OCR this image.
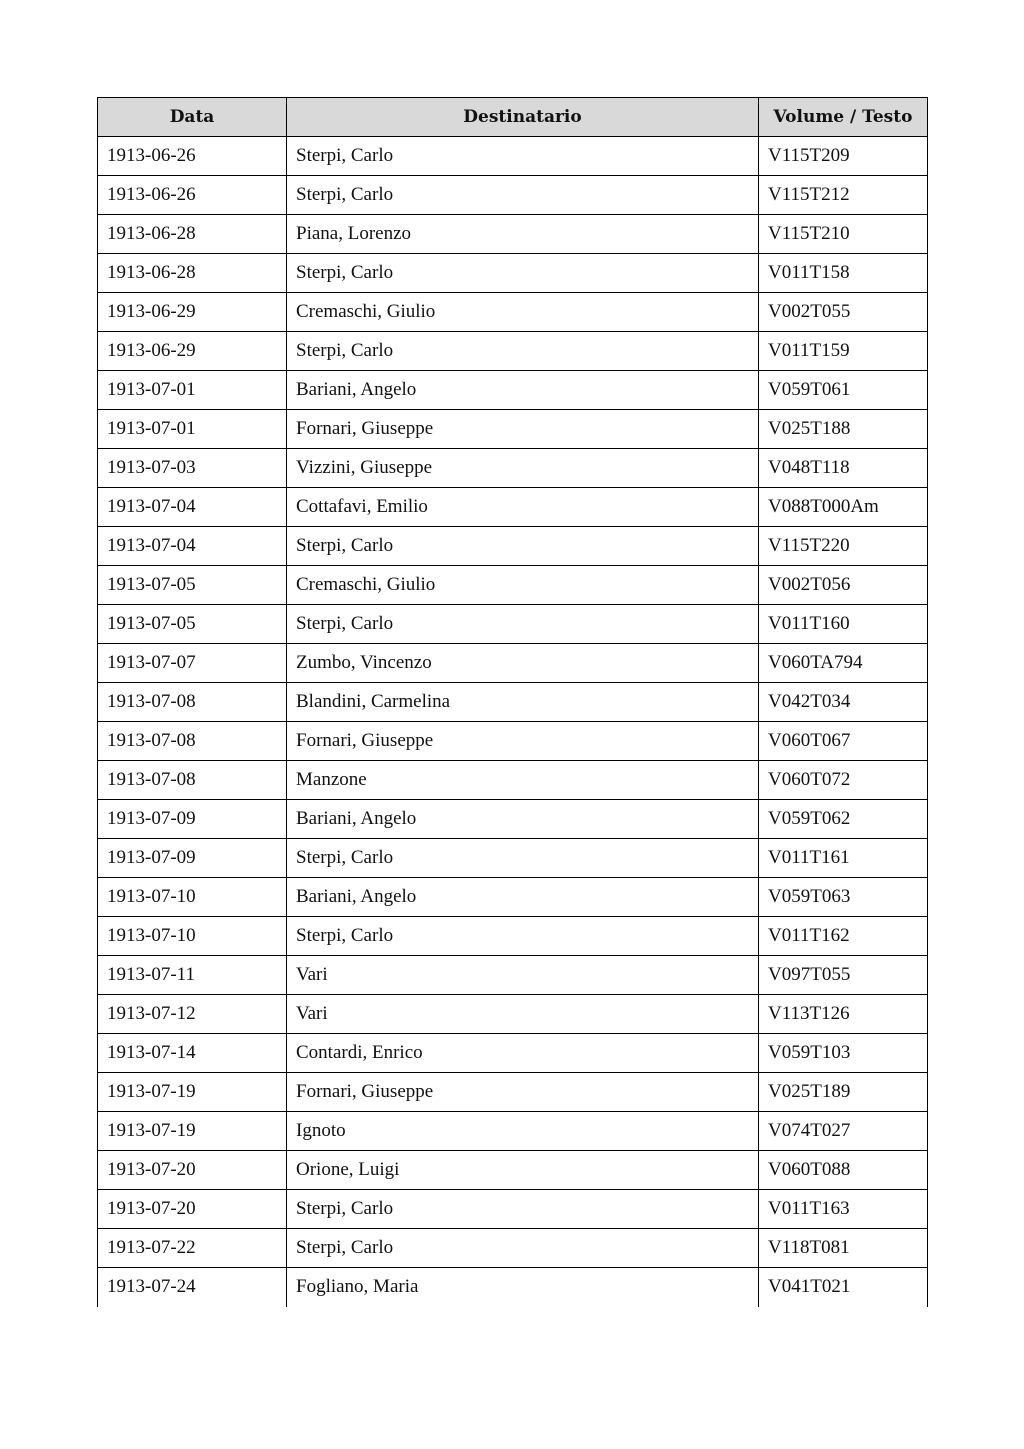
Data	Destinatario	Volume / Testo
1913-06-26	Sterpi, Carlo	V115T209
1913-06-26	Sterpi, Carlo	V115T212
1913-06-28	Piana, Lorenzo	V115T210
1913-06-28	Sterpi, Carlo	V011T158
1913-06-29	Cremaschi, Giulio	V002T055
1913-06-29	Sterpi, Carlo	V011T159
1913-07-01	Bariani, Angelo	V059T061
1913-07-01	Fornari, Giuseppe	V025T188
1913-07-03	Vizzini, Giuseppe	V048T118
1913-07-04	Cottafavi, Emilio	V088T000Am
1913-07-04	Sterpi, Carlo	V115T220
1913-07-05	Cremaschi, Giulio	V002T056
1913-07-05	Sterpi, Carlo	V011T160
1913-07-07	Zumbo, Vincenzo	V060TA794
1913-07-08	Blandini, Carmelina	V042T034
1913-07-08	Fornari, Giuseppe	V060T067
1913-07-08	Manzone	V060T072
1913-07-09	Bariani, Angelo	V059T062
1913-07-09	Sterpi, Carlo	V011T161
1913-07-10	Bariani, Angelo	V059T063
1913-07-10	Sterpi, Carlo	V011T162
1913-07-11	Vari	V097T055
1913-07-12	Vari	V113T126
1913-07-14	Contardi, Enrico	V059T103
1913-07-19	Fornari, Giuseppe	V025T189
1913-07-19	Ignoto	V074T027
1913-07-20	Orione, Luigi	V060T088
1913-07-20	Sterpi, Carlo	V011T163
1913-07-22	Sterpi, Carlo	V118T081
1913-07-24	Fogliano, Maria	V041T021
